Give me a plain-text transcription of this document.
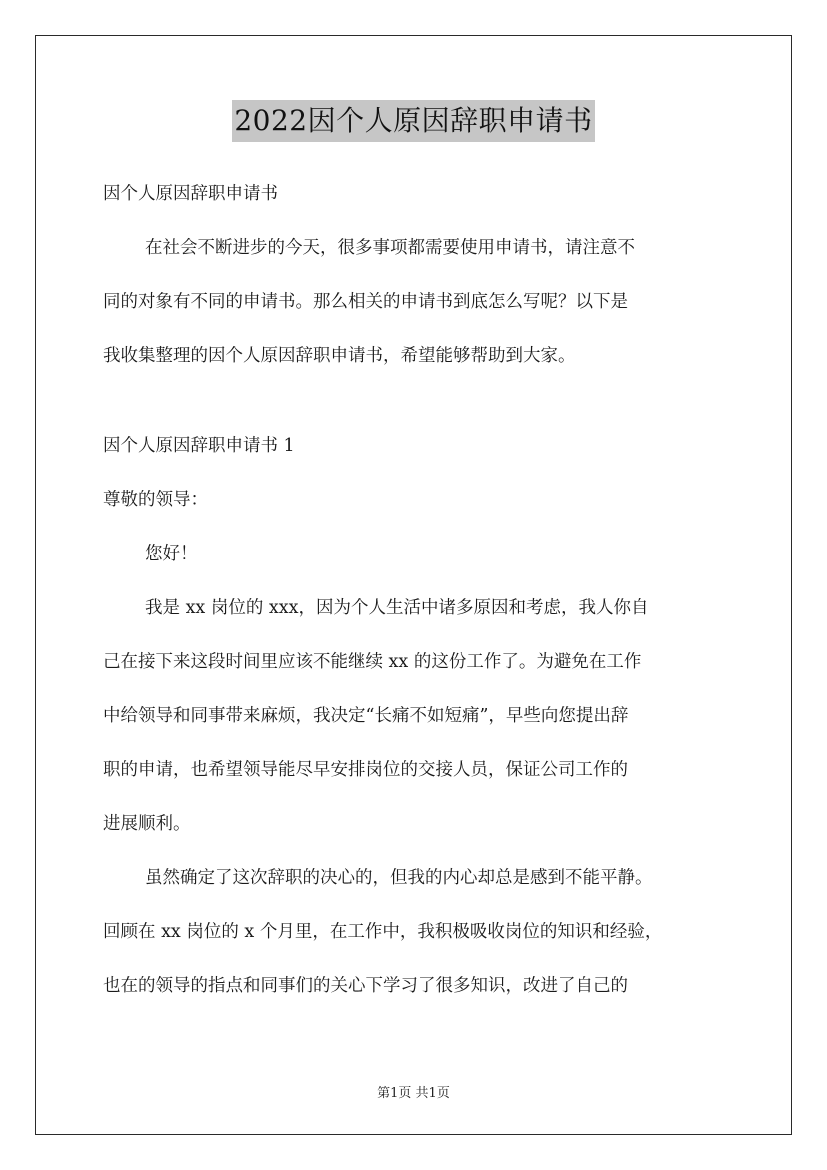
2022因个人原因辞职申请书

因个人原因辞职申请书

在社会不断进步的今天，很多事项都需要使用申请书，请注意不

同的对象有不同的申请书。那么相关的申请书到底怎么写呢？以下是

我收集整理的因个人原因辞职申请书，希望能够帮助到大家。

因个人原因辞职申请书 1

尊敬的领导：

您好！

我是 xx 岗位的 xxx，因为个人生活中诸多原因和考虑，我人你自

己在接下来这段时间里应该不能继续 xx 的这份工作了。为避免在工作

中给领导和同事带来麻烦，我决定“长痛不如短痛”，早些向您提出辞

职的申请，也希望领导能尽早安排岗位的交接人员，保证公司工作的

进展顺利。

虽然确定了这次辞职的决心的，但我的内心却总是感到不能平静。

回顾在 xx 岗位的 x 个月里，在工作中，我积极吸收岗位的知识和经验，

也在的领导的指点和同事们的关心下学习了很多知识，改进了自己的

第1页 共1页
